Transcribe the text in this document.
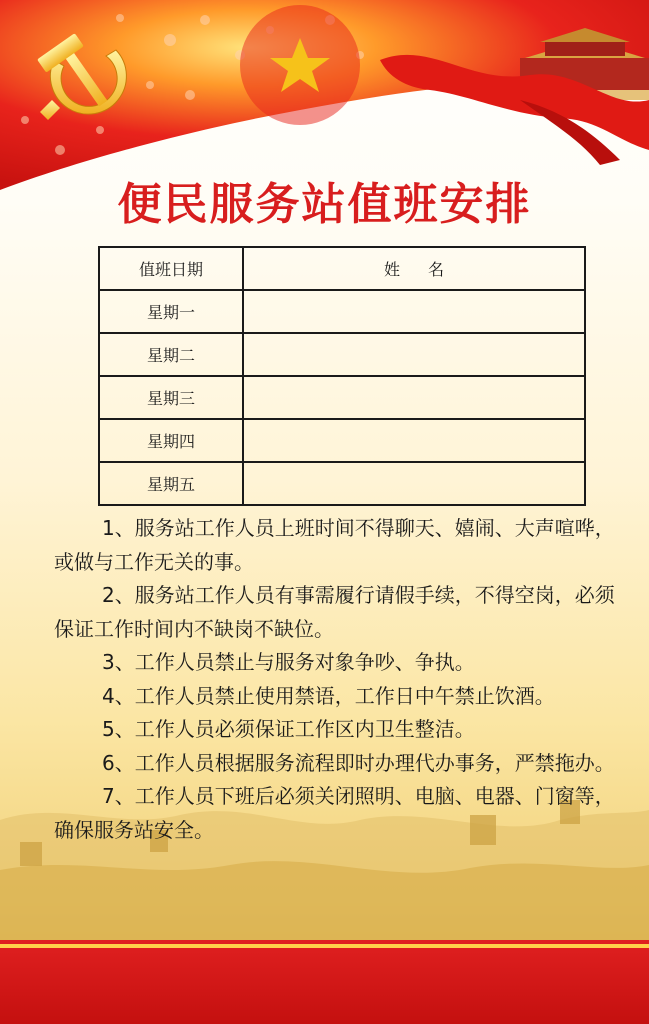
便民服务站值班安排
值班日期	姓名
星期一	
星期二	
星期三	
星期四	
星期五	

1、服务站工作人员上班时间不得聊天、嬉闹、大声喧哗，或做与工作无关的事。

2、服务站工作人员有事需履行请假手续，不得空岗，必须保证工作时间内不缺岗不缺位。

3、工作人员禁止与服务对象争吵、争执。

4、工作人员禁止使用禁语，工作日中午禁止饮酒。

5、工作人员必须保证工作区内卫生整洁。

6、工作人员根据服务流程即时办理代办事务，严禁拖办。

7、工作人员下班后必须关闭照明、电脑、电器、门窗等，确保服务站安全。
